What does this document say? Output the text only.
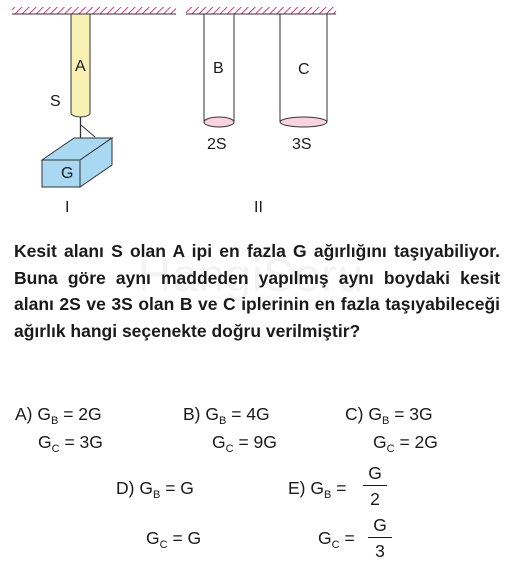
A
S
G
I
B	C
2S	3S
II

Kesit alanı S olan A ipi en fazla G ağırlığını taşıyabiliyor. Buna göre aynı maddeden yapılmış aynı boydaki kesit alanı 2S ve 3S olan B ve C iplerinin en fazla taşıyabileceği ağırlık hangi seçenekte doğru verilmiştir?

A) $G_B = 2G$
$G_C = 3G$
B) $G_B = 4G$
$G_C = 9G$
C) $G_B = 3G$
$G_C = 2G$
D) $G_B = G$
$G_C = G$
E) $G_B = \frac{G}{2}$
$G_C = \frac{G}{3}$
